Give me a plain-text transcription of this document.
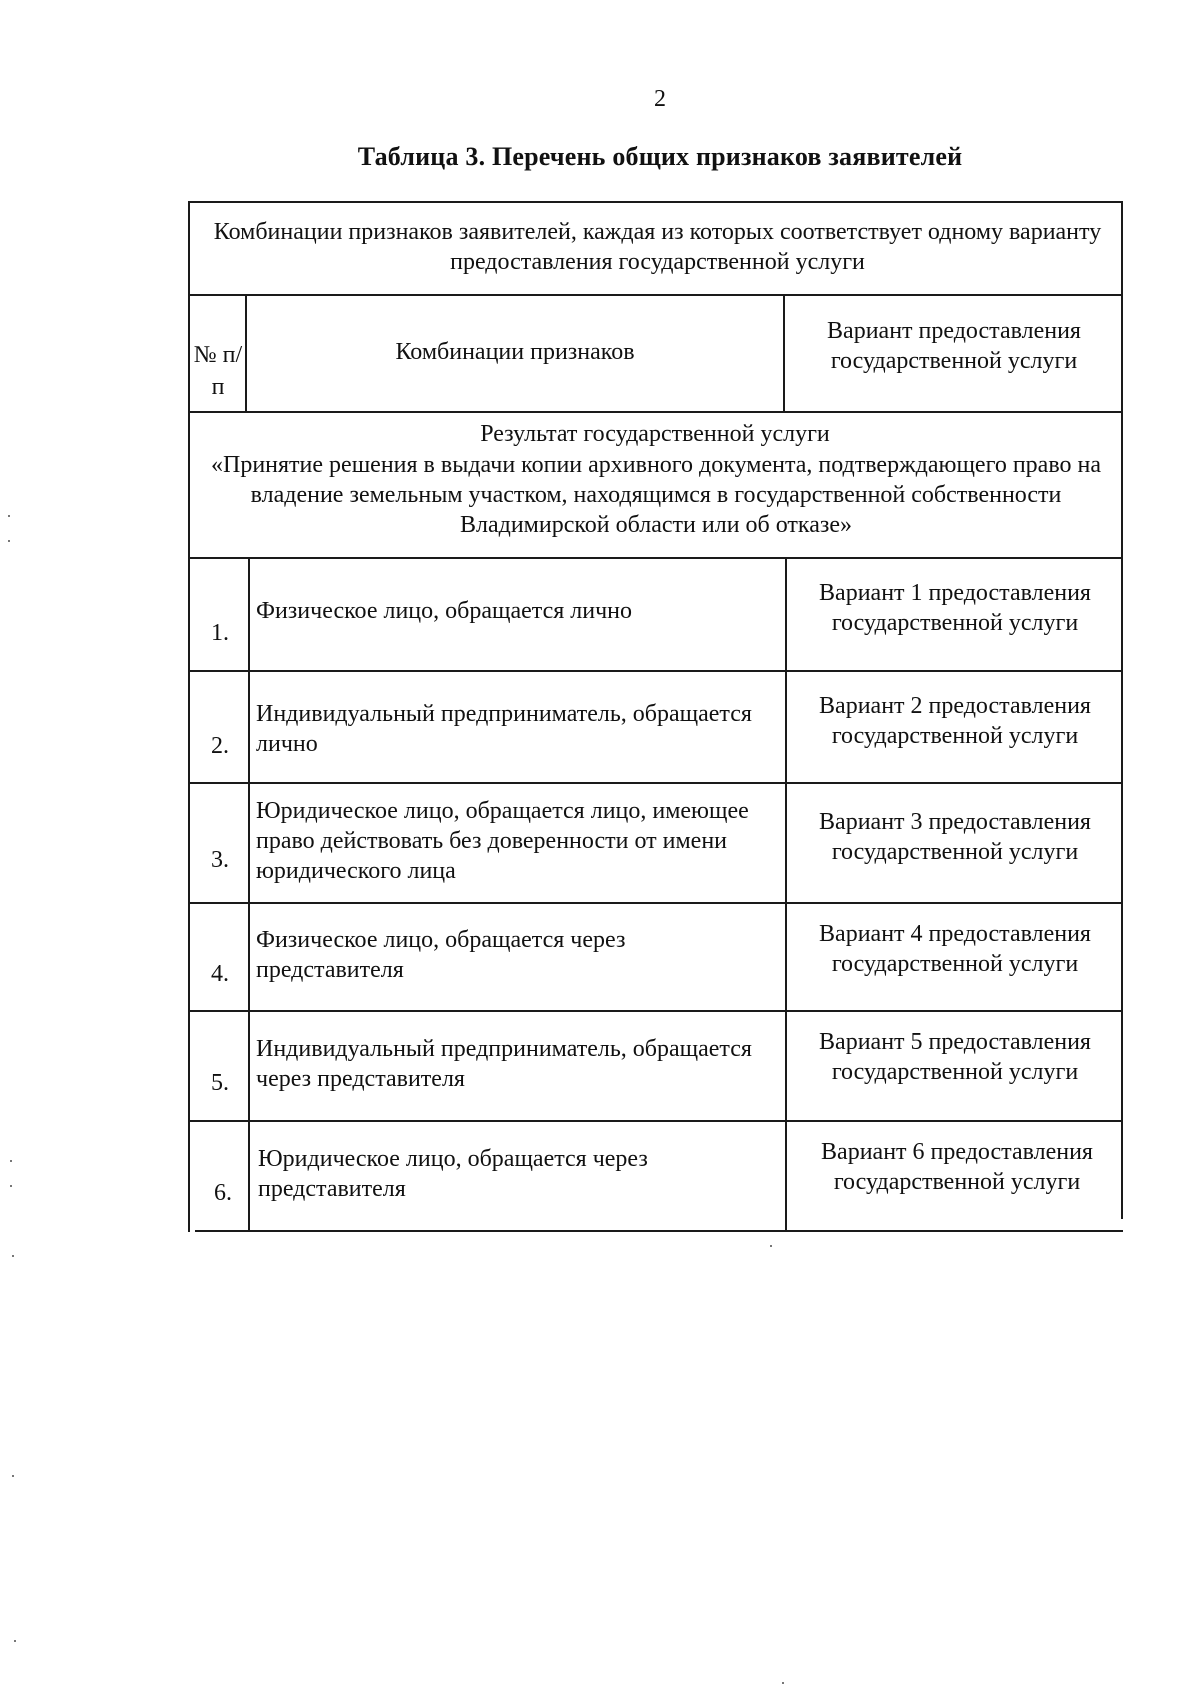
2
Таблица 3. Перечень общих признаков заявителей
Комбинации признаков заявителей, каждая из которых соответствует одному варианту предоставления государственной услуги
№ п/п
Комбинации признаков
Вариант предоставления государственной услуги
Результат государственной услуги
«Принятие решения в выдачи копии архивного документа, подтверждающего право на владение земельным участком, находящимся в государственной собственности Владимирской области или об отказе»
1.
Физическое лицо, обращается лично
Вариант 1 предоставления государственной услуги
2.
Индивидуальный предприниматель, обращается лично
Вариант 2 предоставления государственной услуги
3.
Юридическое лицо, обращается лицо, имеющее право действовать без доверенности от имени юридического лица
Вариант 3 предоставления государственной услуги
4.
Физическое лицо, обращается через представителя
Вариант 4 предоставления государственной услуги
5.
Индивидуальный предприниматель, обращается через представителя
Вариант 5 предоставления государственной услуги
6.
Юридическое лицо, обращается через представителя
Вариант 6 предоставления государственной услуги
